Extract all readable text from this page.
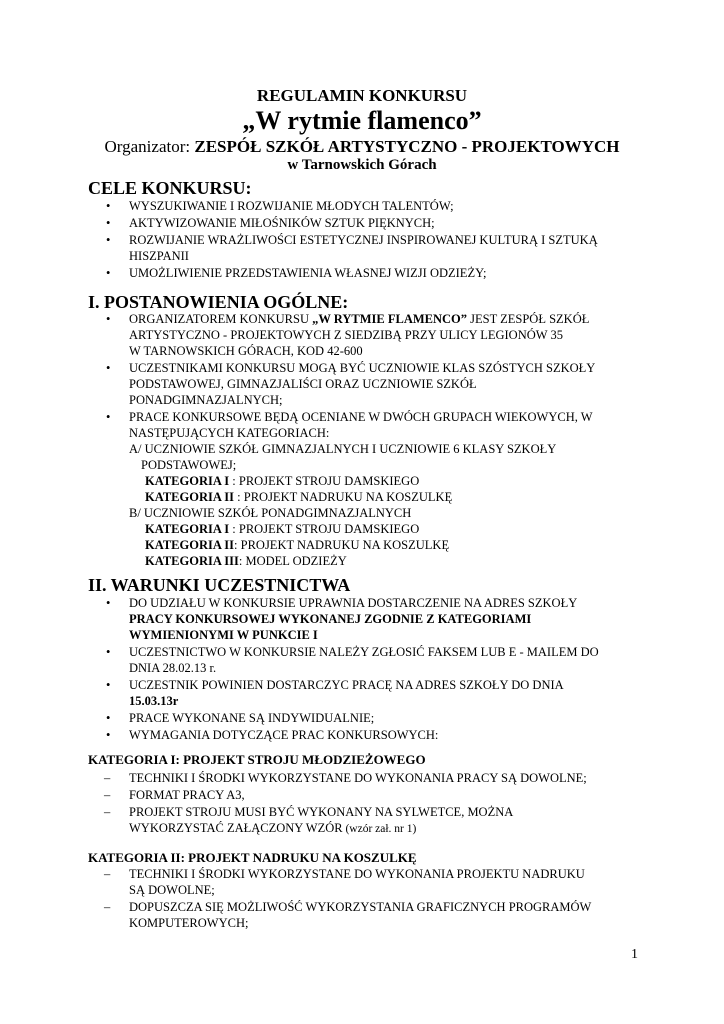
REGULAMIN KONKURSU
„W rytmie flamenco”
Organizator: ZESPÓŁ SZKÓŁ ARTYSTYCZNO - PROJEKTOWYCH
w Tarnowskich Górach
CELE KONKURSU:
• WYSZUKIWANIE I ROZWIJANIE MŁODYCH TALENTÓW;
• AKTYWIZOWANIE MIŁOŚNIKÓW SZTUK PIĘKNYCH;
• ROZWIJANIE WRAŻLIWOŚCI ESTETYCZNEJ INSPIROWANEJ KULTURĄ I SZTUKĄ
HISZPANII
• UMOŻLIWIENIE PRZEDSTAWIENIA WŁASNEJ WIZJI ODZIEŻY;
I. POSTANOWIENIA OGÓLNE:
• ORGANIZATOREM KONKURSU „W RYTMIE FLAMENCO” JEST ZESPÓŁ SZKÓŁ
ARTYSTYCZNO - PROJEKTOWYCH Z SIEDZIBĄ PRZY ULICY LEGIONÓW 35
W TARNOWSKICH GÓRACH, KOD 42-600
• UCZESTNIKAMI KONKURSU MOGĄ BYĆ UCZNIOWIE KLAS SZÓSTYCH SZKOŁY
PODSTAWOWEJ, GIMNAZJALIŚCI ORAZ UCZNIOWIE SZKÓŁ
PONADGIMNAZJALNYCH;
• PRACE KONKURSOWE BĘDĄ OCENIANE W DWÓCH GRUPACH WIEKOWYCH, W
NASTĘPUJĄCYCH KATEGORIACH:
A/ UCZNIOWIE SZKÓŁ GIMNAZJALNYCH I UCZNIOWIE 6 KLASY SZKOŁY
PODSTAWOWEJ;
KATEGORIA I : PROJEKT STROJU DAMSKIEGO
KATEGORIA II : PROJEKT NADRUKU NA KOSZULKĘ
B/ UCZNIOWIE SZKÓŁ PONADGIMNAZJALNYCH
KATEGORIA I : PROJEKT STROJU DAMSKIEGO
KATEGORIA II: PROJEKT NADRUKU NA KOSZULKĘ
KATEGORIA III: MODEL ODZIEŻY
II. WARUNKI UCZESTNICTWA
• DO UDZIAŁU W KONKURSIE UPRAWNIA DOSTARCZENIE NA ADRES SZKOŁY
PRACY KONKURSOWEJ WYKONANEJ ZGODNIE Z KATEGORIAMI
WYMIENIONYMI W PUNKCIE I
• UCZESTNICTWO W KONKURSIE NALEŻY ZGŁOSIĆ FAKSEM LUB E - MAILEM DO
DNIA 28.02.13 r.
• UCZESTNIK POWINIEN DOSTARCZYC PRACĘ NA ADRES SZKOŁY DO DNIA
15.03.13r
• PRACE WYKONANE SĄ INDYWIDUALNIE;
• WYMAGANIA DOTYCZĄCE PRAC KONKURSOWYCH:
KATEGORIA I: PROJEKT STROJU MŁODZIEŻOWEGO
– TECHNIKI I ŚRODKI WYKORZYSTANE DO WYKONANIA PRACY SĄ DOWOLNE;
– FORMAT PRACY A3,
– PROJEKT STROJU MUSI BYĆ WYKONANY NA SYLWETCE, MOŻNA
WYKORZYSTAĆ ZAŁĄCZONY WZÓR (wzór zał. nr 1)
KATEGORIA II: PROJEKT NADRUKU NA KOSZULKĘ
– TECHNIKI I ŚRODKI WYKORZYSTANE DO WYKONANIA PROJEKTU NADRUKU
SĄ DOWOLNE;
– DOPUSZCZA SIĘ MOŻLIWOŚĆ WYKORZYSTANIA GRAFICZNYCH PROGRAMÓW
KOMPUTEROWYCH;
1
